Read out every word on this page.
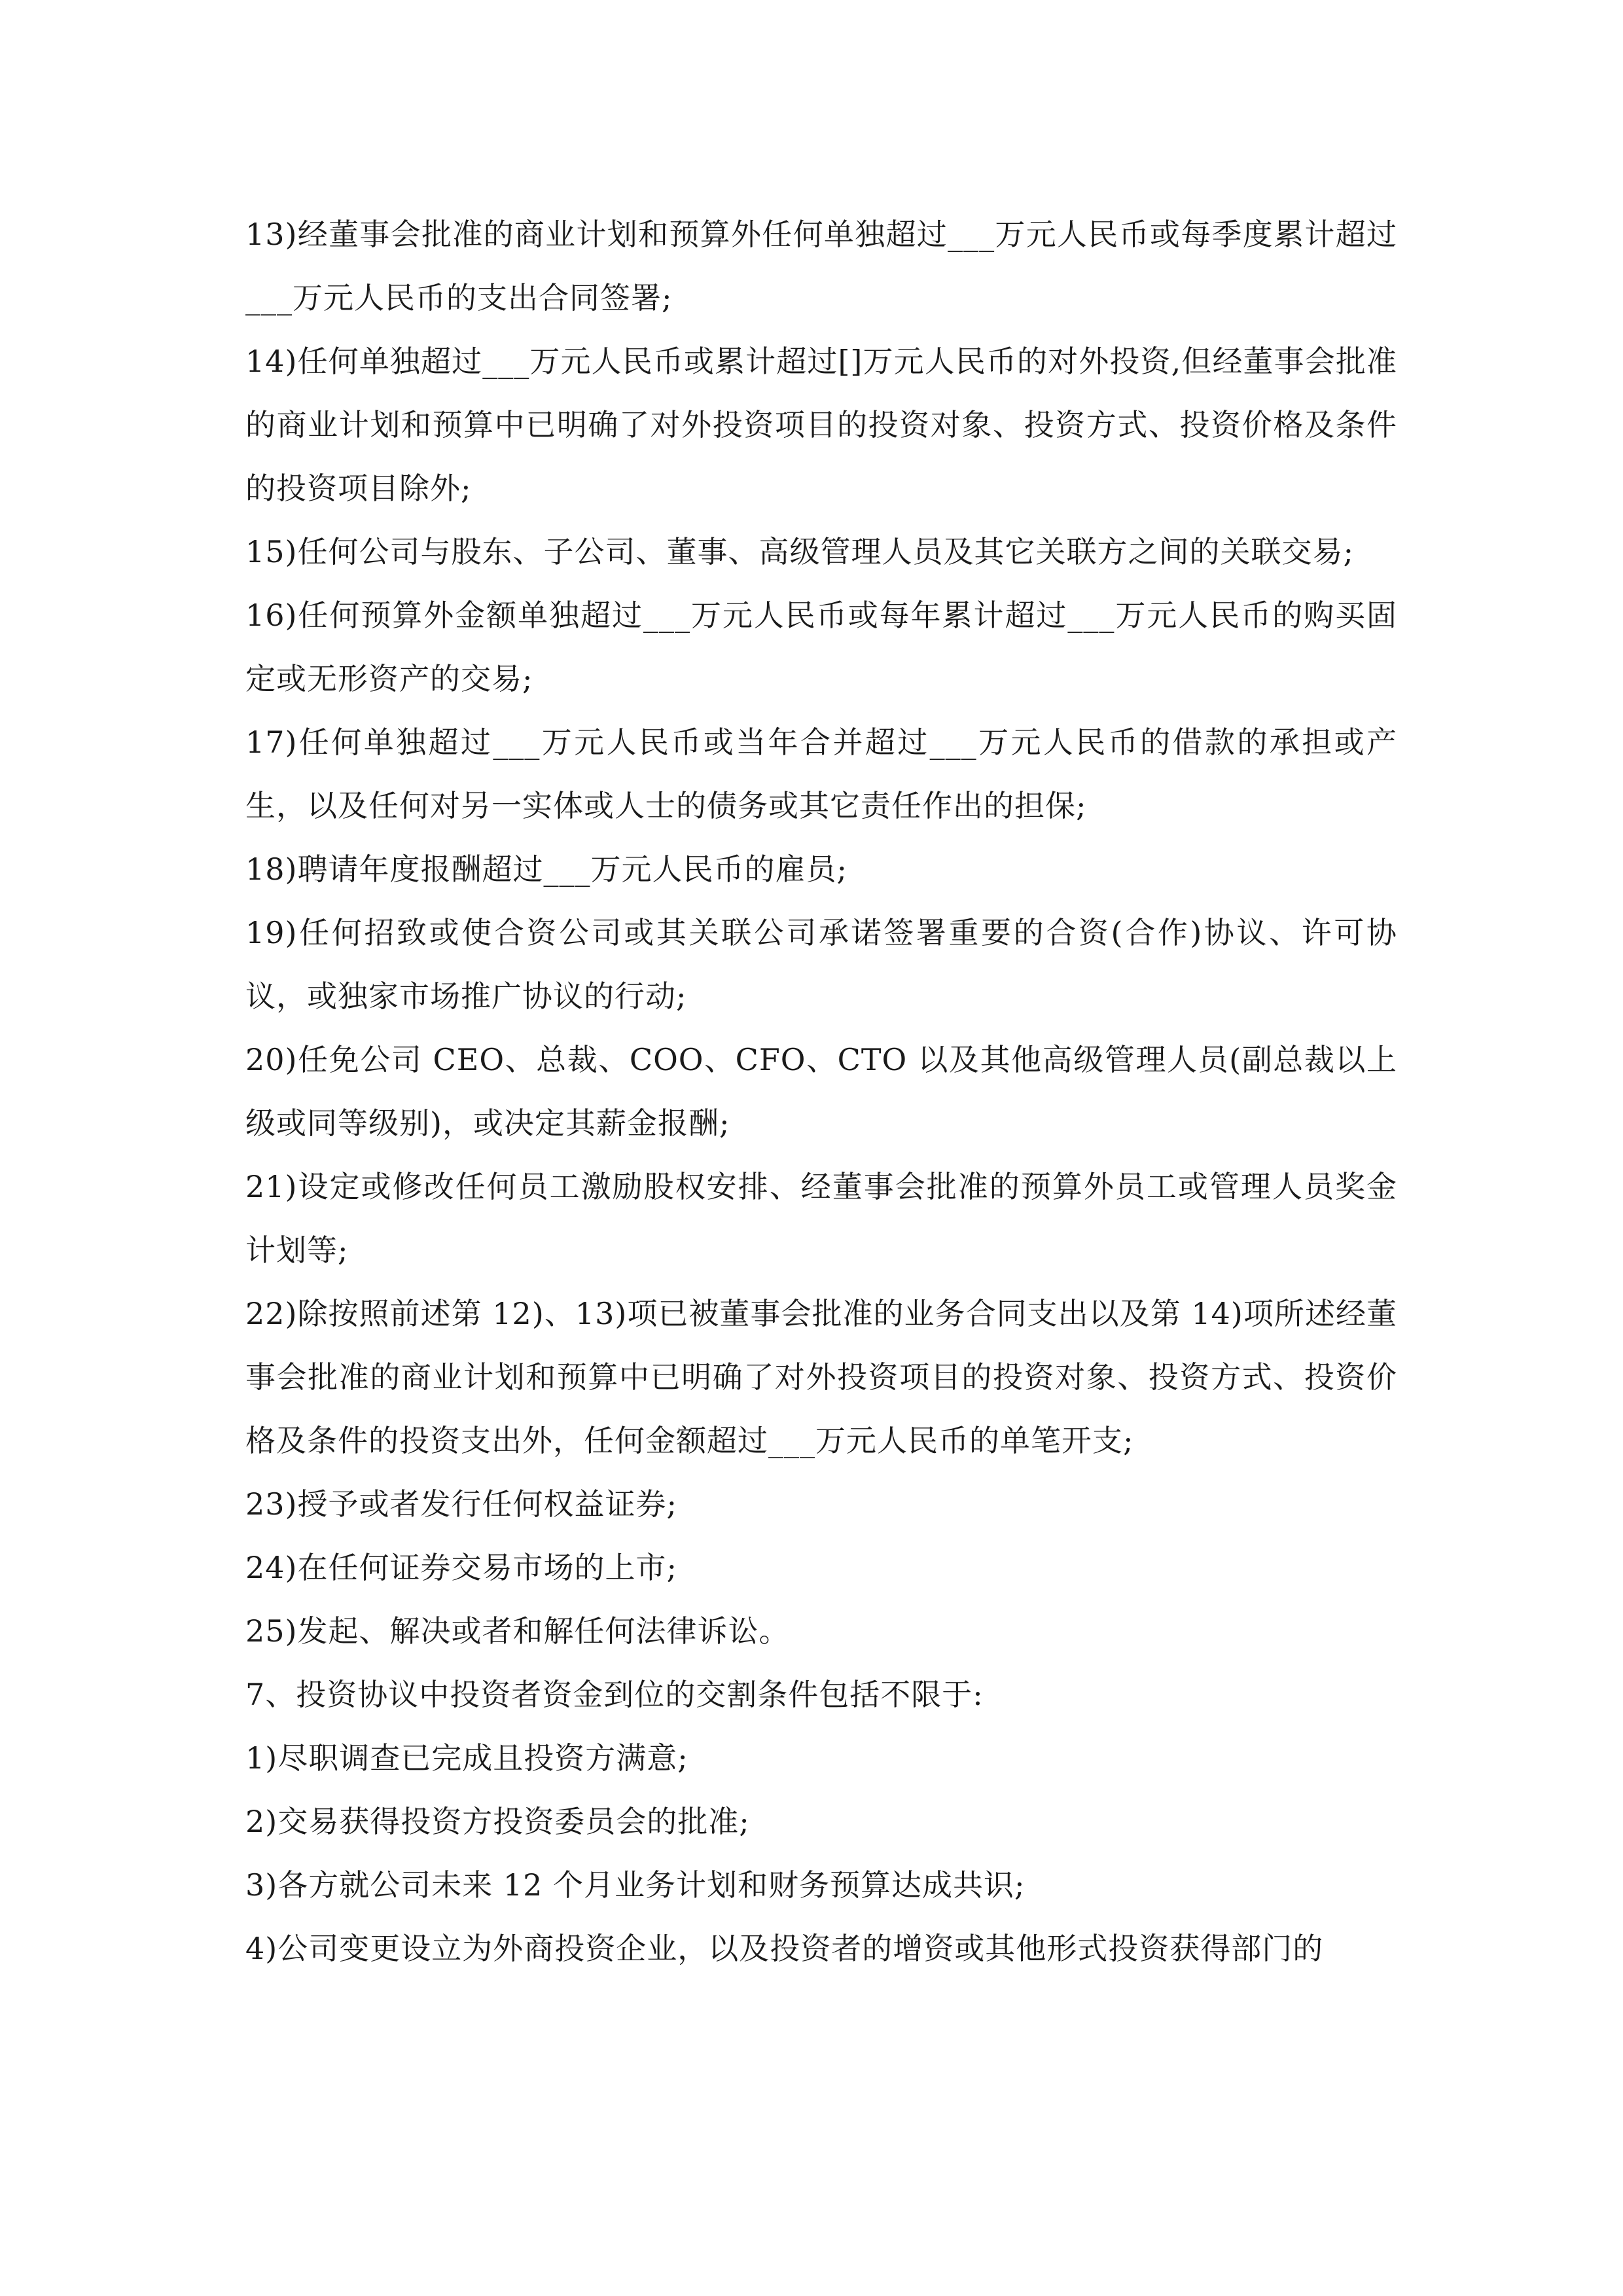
13)经董事会批准的商业计划和预算外任何单独超过___万元人民币或每季度累计超过___万元人民币的支出合同签署;

14)任何单独超过___万元人民币或累计超过[]万元人民币的对外投资,但经董事会批准的商业计划和预算中已明确了对外投资项目的投资对象、投资方式、投资价格及条件的投资项目除外;

15)任何公司与股东、子公司、董事、高级管理人员及其它关联方之间的关联交易;

16)任何预算外金额单独超过___万元人民币或每年累计超过___万元人民币的购买固定或无形资产的交易;

17)任何单独超过___万元人民币或当年合并超过___万元人民币的借款的承担或产生，以及任何对另一实体或人士的债务或其它责任作出的担保;

18)聘请年度报酬超过___万元人民币的雇员;

19)任何招致或使合资公司或其关联公司承诺签署重要的合资(合作)协议、许可协议，或独家市场推广协议的行动;

20)任免公司 CEO、总裁、COO、CFO、CTO 以及其他高级管理人员(副总裁以上级或同等级别)，或决定其薪金报酬;

21)设定或修改任何员工激励股权安排、经董事会批准的预算外员工或管理人员奖金计划等;

22)除按照前述第 12)、13)项已被董事会批准的业务合同支出以及第 14)项所述经董事会批准的商业计划和预算中已明确了对外投资项目的投资对象、投资方式、投资价格及条件的投资支出外，任何金额超过___万元人民币的单笔开支;

23)授予或者发行任何权益证券;

24)在任何证券交易市场的上市;

25)发起、解决或者和解任何法律诉讼。

7、投资协议中投资者资金到位的交割条件包括不限于:

1)尽职调查已完成且投资方满意;

2)交易获得投资方投资委员会的批准;

3)各方就公司未来 12 个月业务计划和财务预算达成共识;

4)公司变更设立为外商投资企业，以及投资者的增资或其他形式投资获得部门的
